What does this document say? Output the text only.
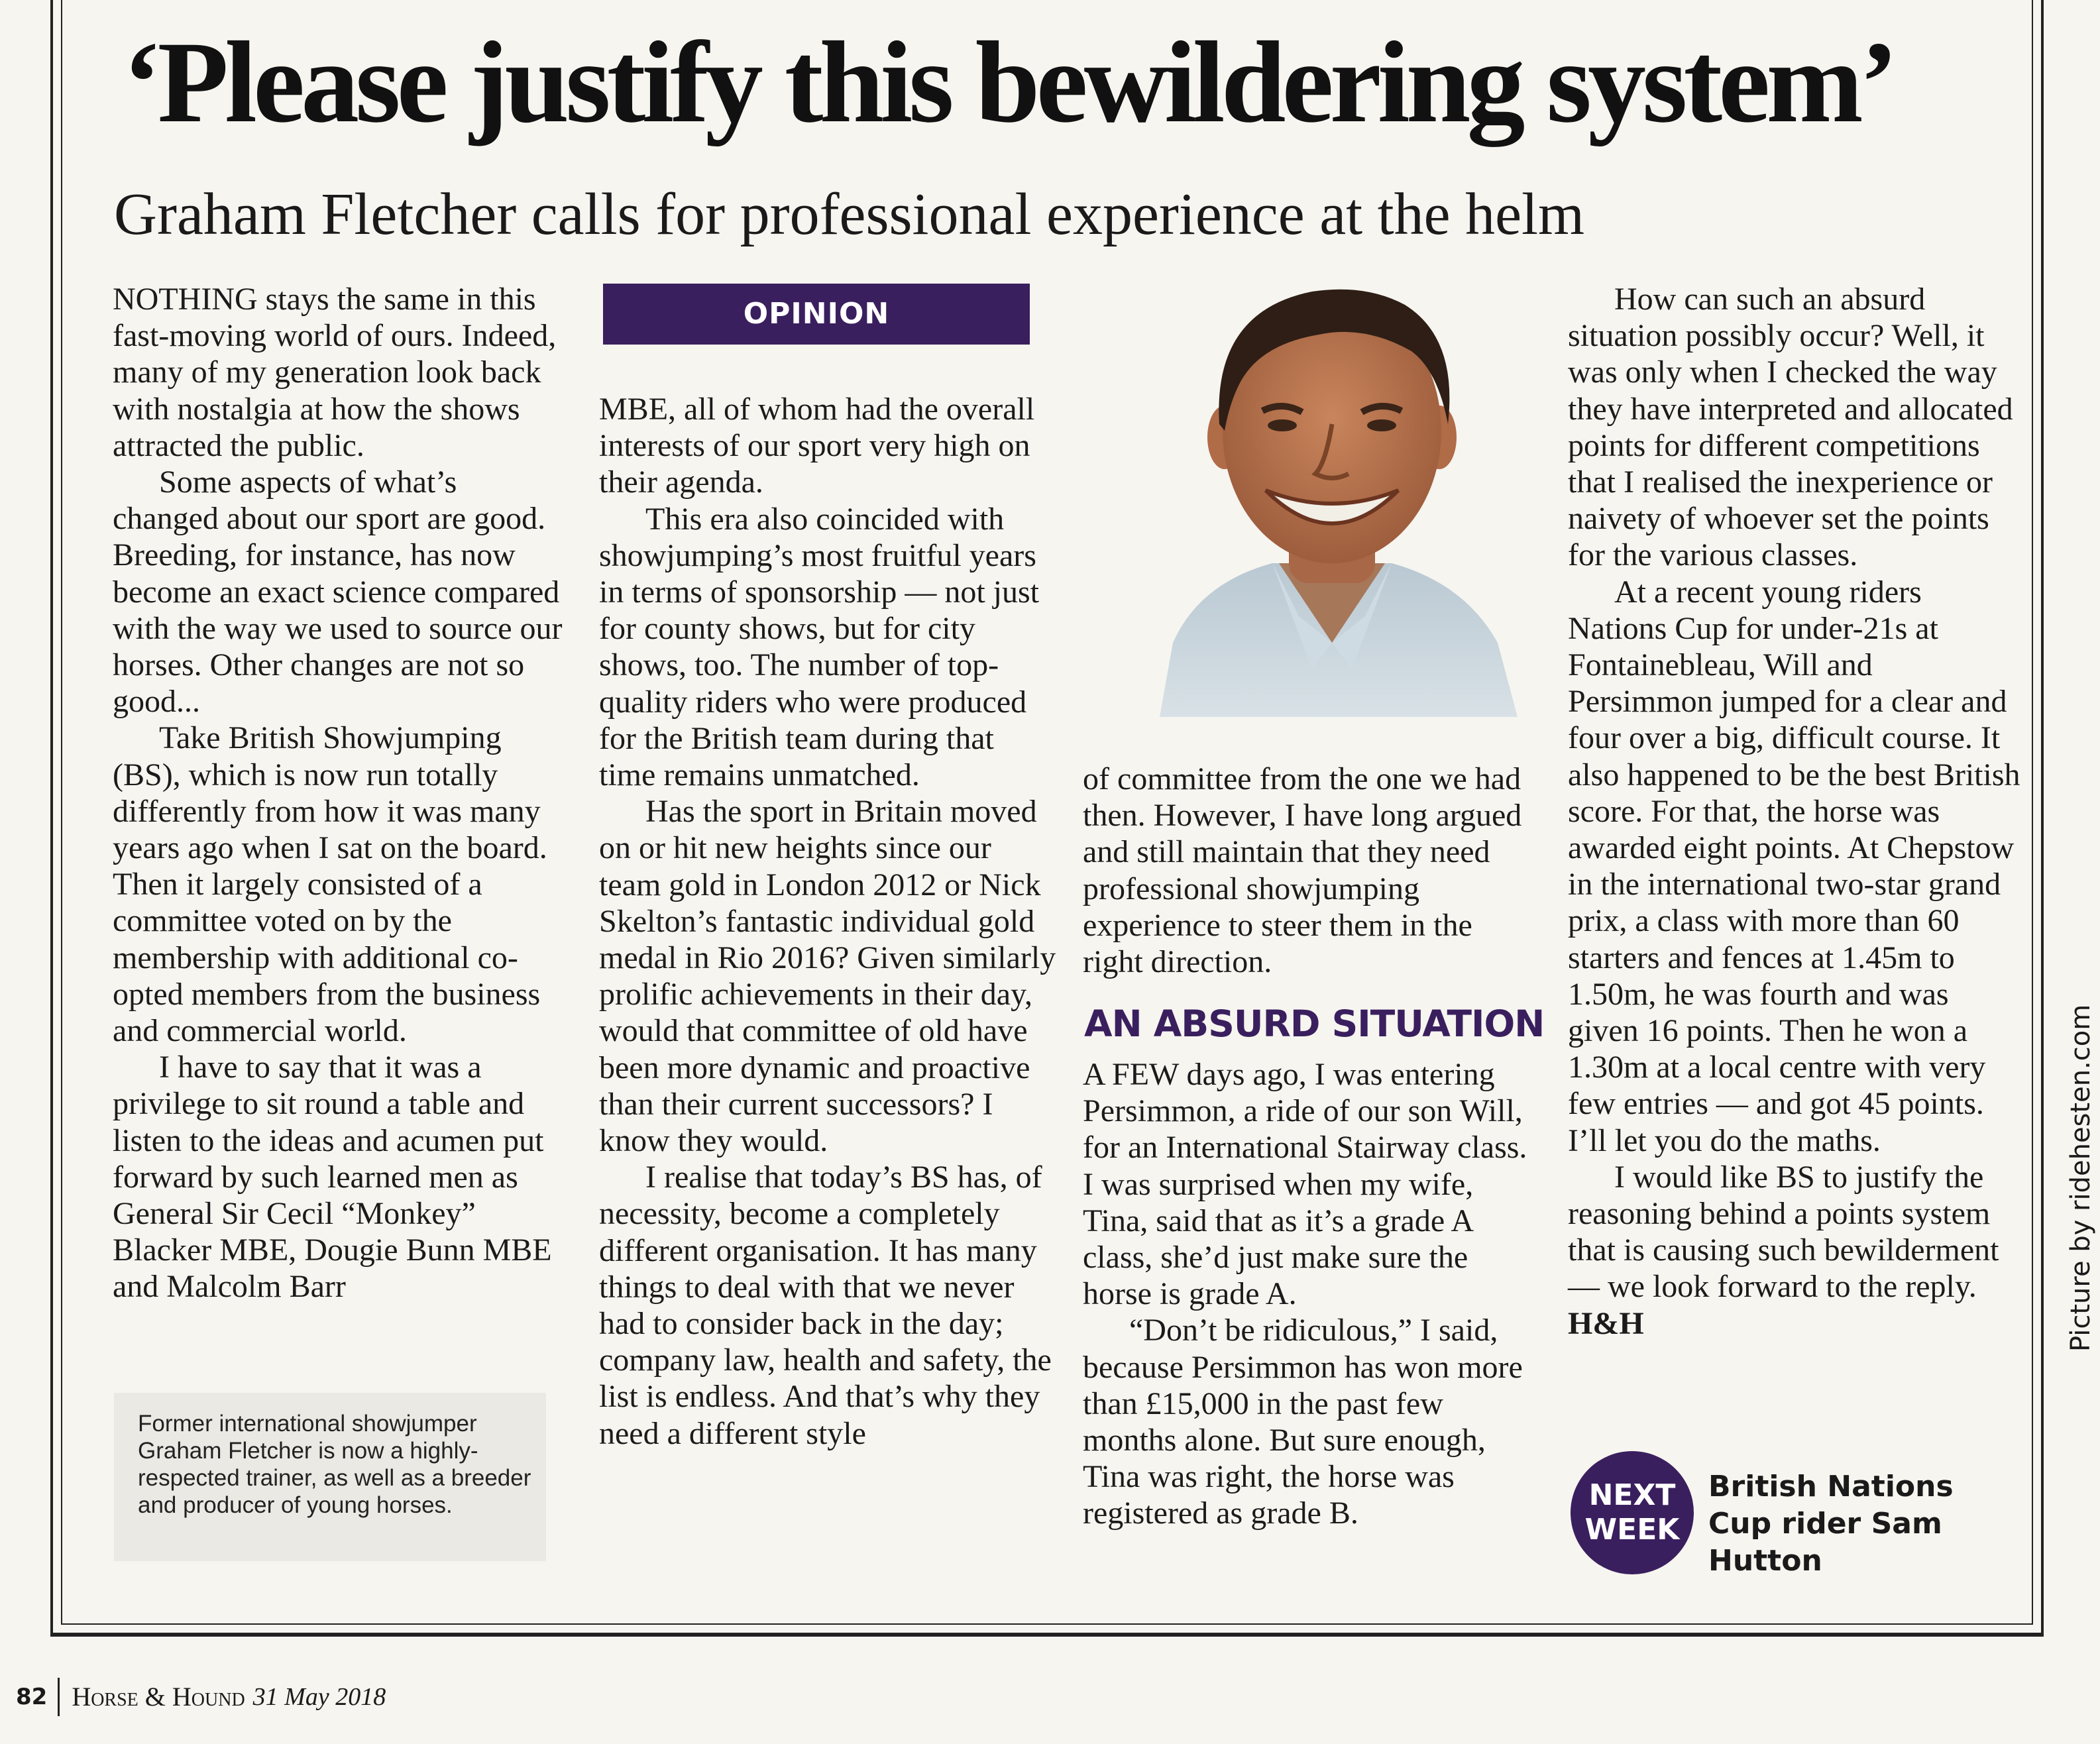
‘Please justify this bewildering system’
Graham Fletcher calls for professional experience at the helm

NOTHING stays the same in this fast-moving world of ours. Indeed, many of my generation look back with nostalgia at how the shows attracted the public.

Some aspects of what’s changed about our sport are good. Breeding, for instance, has now become an exact science compared with the way we used to source our horses. Other changes are not so good...

Take British Showjumping (BS), which is now run totally differently from how it was many years ago when I sat on the board. Then it largely consisted of a committee voted on by the membership with additional co-opted members from the business and commercial world.

I have to say that it was a privilege to sit round a table and listen to the ideas and acumen put forward by such learned men as General Sir Cecil “Monkey” Blacker MBE, Dougie Bunn MBE and Malcolm Barr

OPINION

MBE, all of whom had the overall interests of our sport very high on their agenda.

This era also coincided with showjumping’s most fruitful years in terms of sponsorship — not just for county shows, but for city shows, too. The number of top-quality riders who were produced for the British team during that time remains unmatched.

Has the sport in Britain moved on or hit new heights since our team gold in London 2012 or Nick Skelton’s fantastic individual gold medal in Rio 2016? Given similarly prolific achievements in their day, would that committee of old have been more dynamic and proactive than their current successors? I know they would.

I realise that today’s BS has, of necessity, become a completely different organisation. It has many things to deal with that we never had to consider back in the day; company law, health and safety, the list is endless. And that’s why they need a different style

of committee from the one we had then. However, I have long argued and still maintain that they need professional showjumping experience to steer them in the right direction.

AN ABSURD SITUATION

A FEW days ago, I was entering Persimmon, a ride of our son Will, for an International Stairway class. I was surprised when my wife, Tina, said that as it’s a grade A class, she’d just make sure the horse is grade A.

“Don’t be ridiculous,” I said, because Persimmon has won more than £15,000 in the past few months alone. But sure enough, Tina was right, the horse was registered as grade B.

How can such an absurd situation possibly occur? Well, it was only when I checked the way they have interpreted and allocated points for different competitions that I realised the inexperience or naivety of whoever set the points for the various classes.

At a recent young riders Nations Cup for under-21s at Fontainebleau, Will and Persimmon jumped for a clear and four over a big, difficult course. It also happened to be the best British score. For that, the horse was awarded eight points. At Chepstow in the international two-star grand prix, a class with more than 60 starters and fences at 1.45m to 1.50m, he was fourth and was given 16 points. Then he won a 1.30m at a local centre with very few entries — and got 45 points. I’ll let you do the maths.

I would like BS to justify the reasoning behind a points system that is causing such bewilderment — we look forward to the reply. H&H

Former international showjumper Graham Fletcher is now a highly-respected trainer, as well as a breeder and producer of young horses.	NEXT
WEEK
British Nations Cup rider Sam Hutton
Picture by ridehesten.com
82 Horse & Hound 31 May 2018
